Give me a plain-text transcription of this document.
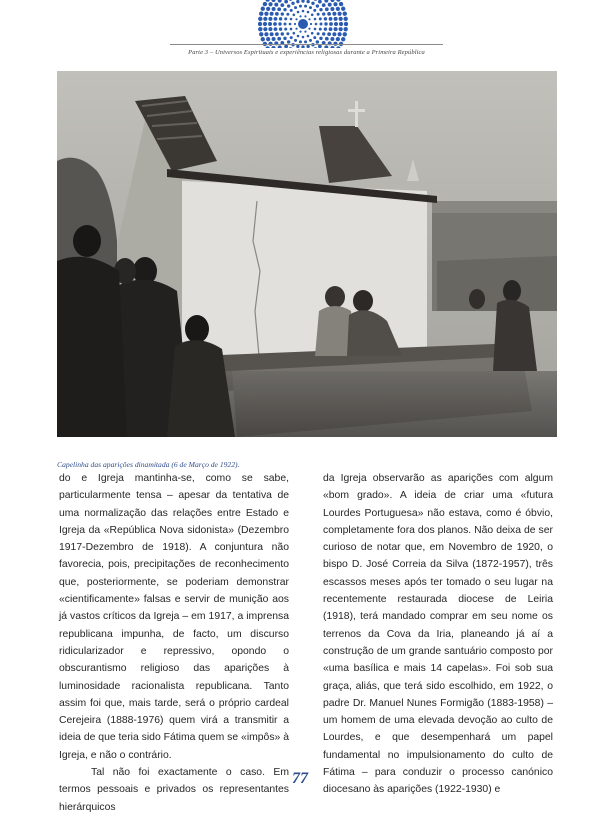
Parte 3 – Universos Espirituais e experiências religiosas durante a Primeira República
Capelinha das aparições dinamitada (6 de Março de 1922).

do e Igreja mantinha-se, como se sabe, particularmente tensa – apesar da tentativa de uma normalização das relações entre Estado e Igreja da «República Nova sidonista» (Dezembro 1917-Dezembro de 1918). A conjuntura não favorecia, pois, precipitações de reconhecimento que, posteriormente, se poderiam demonstrar «cientificamente» falsas e servir de munição aos já vastos críticos da Igreja – em 1917, a imprensa republicana impunha, de facto, um discurso ridicularizador e repressivo, opondo o obscurantismo religioso das aparições à luminosidade racionalista republicana. Tanto assim foi que, mais tarde, será o próprio cardeal Cerejeira (1888-1976) quem virá a transmitir a ideia de que teria sido Fátima quem se «impôs» à Igreja, e não o contrário.

Tal não foi exactamente o caso. Em termos pessoais e privados os representantes hierárquicos

da Igreja observarão as aparições com algum «bom grado». A ideia de criar uma «futura Lourdes Portuguesa» não estava, como é óbvio, completamente fora dos planos. Não deixa de ser curioso de notar que, em Novembro de 1920, o bispo D. José Correia da Silva (1872-1957), três escassos meses após ter tomado o seu lugar na recentemente restaurada diocese de Leiria (1918), terá mandado comprar em seu nome os terrenos da Cova da Iria, planeando já aí a construção de um grande santuário composto por «uma basílica e mais 14 capelas». Foi sob sua graça, aliás, que terá sido escolhido, em 1922, o padre Dr. Manuel Nunes Formigão (1883-1958) – um homem de uma elevada devoção ao culto de Lourdes, e que desempenhará um papel fundamental no impulsionamento do culto de Fátima – para conduzir o processo canónico diocesano às aparições (1922-1930) e

77
